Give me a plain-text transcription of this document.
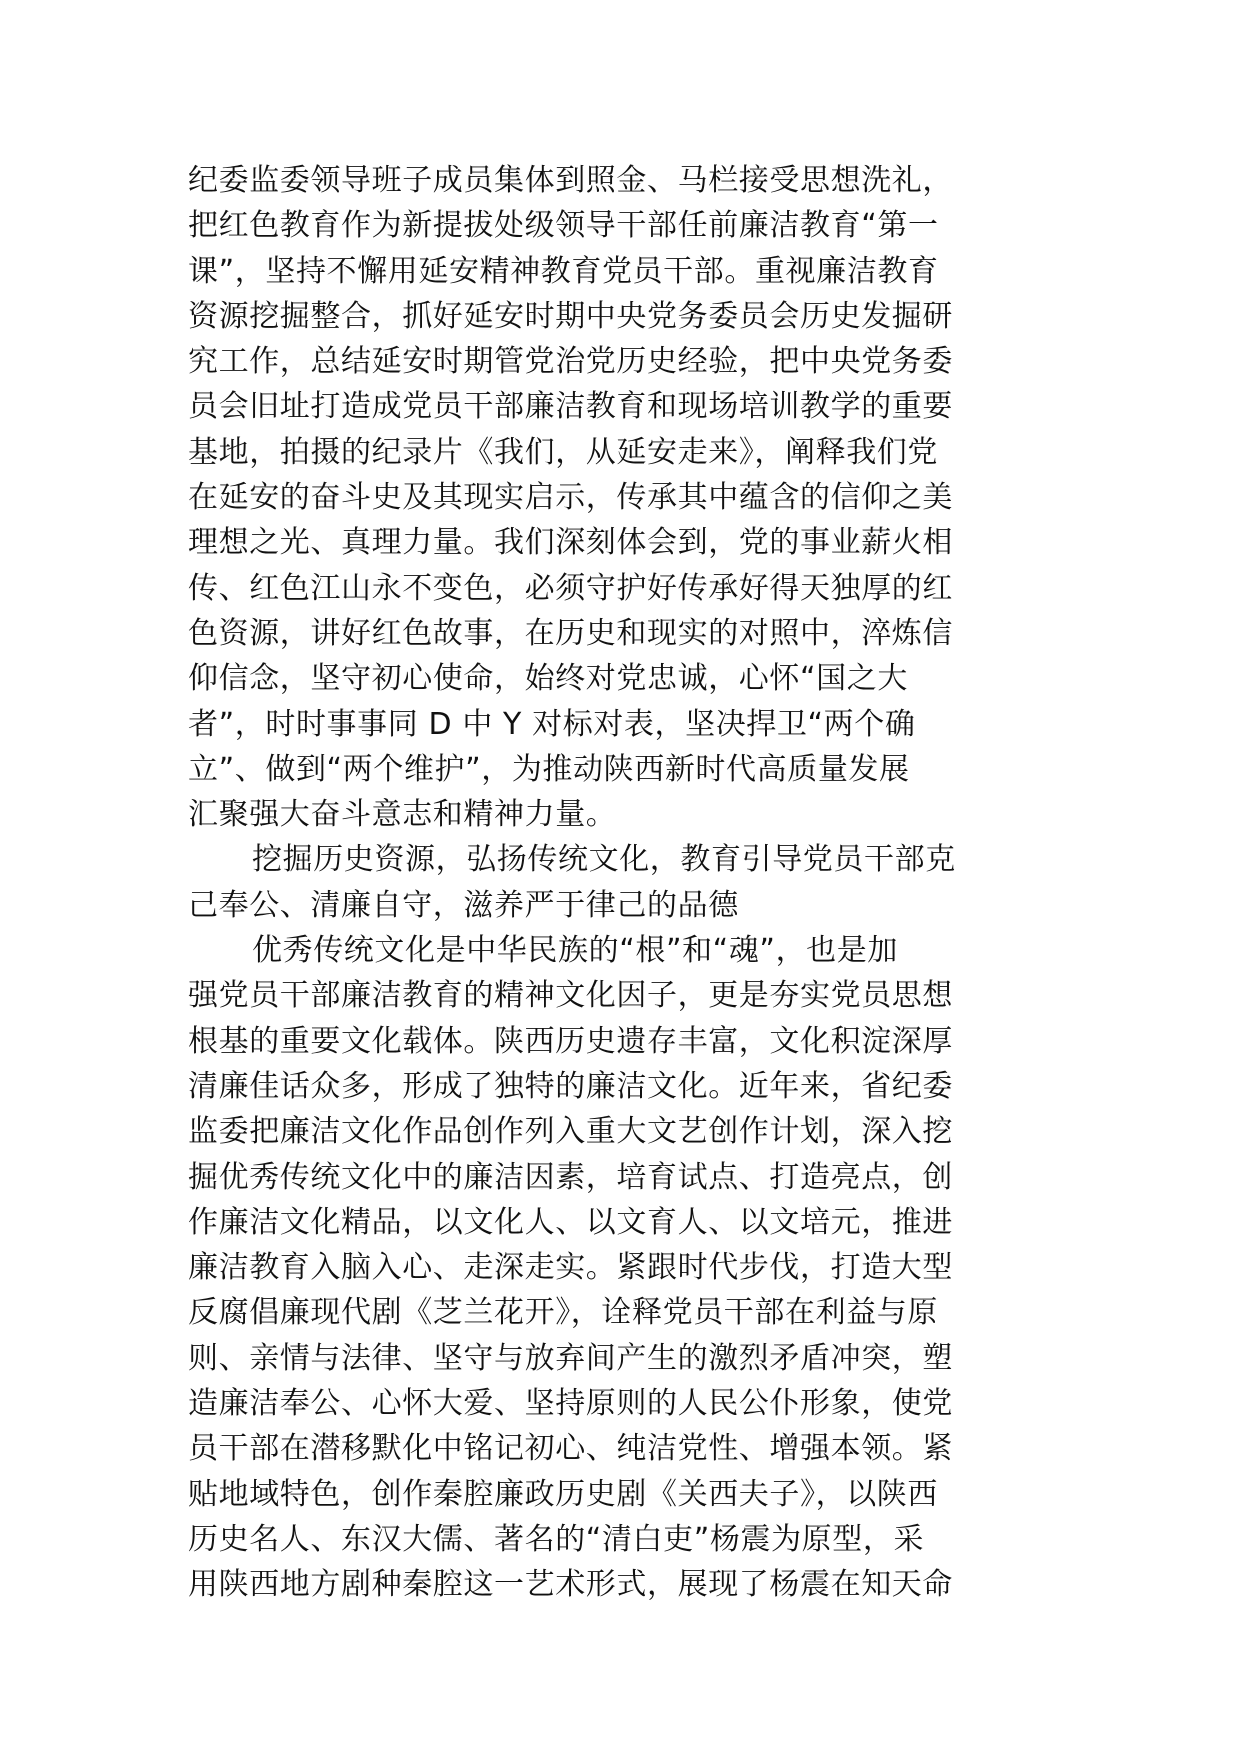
纪委监委领导班子成员集体到照金、马栏接受思想洗礼，
把红色教育作为新提拔处级领导干部任前廉洁教育“第一
课”，坚持不懈用延安精神教育党员干部。重视廉洁教育
资源挖掘整合，抓好延安时期中央党务委员会历史发掘研
究工作，总结延安时期管党治党历史经验，把中央党务委
员会旧址打造成党员干部廉洁教育和现场培训教学的重要
基地，拍摄的纪录片《我们，从延安走来》，阐释我们党
在延安的奋斗史及其现实启示，传承其中蕴含的信仰之美
理想之光、真理力量。我们深刻体会到，党的事业薪火相
传、红色江山永不变色，必须守护好传承好得天独厚的红
色资源，讲好红色故事，在历史和现实的对照中，淬炼信
仰信念，坚守初心使命，始终对党忠诚，心怀“国之大
者”，时时事事同 D 中 Y 对标对表，坚决捍卫“两个确
立”、做到“两个维护”，为推动陕西新时代高质量发展
汇聚强大奋斗意志和精神力量。
挖掘历史资源，弘扬传统文化，教育引导党员干部克
己奉公、清廉自守，滋养严于律己的品德
优秀传统文化是中华民族的“根”和“魂”，也是加
强党员干部廉洁教育的精神文化因子，更是夯实党员思想
根基的重要文化载体。陕西历史遗存丰富，文化积淀深厚
清廉佳话众多，形成了独特的廉洁文化。近年来，省纪委
监委把廉洁文化作品创作列入重大文艺创作计划，深入挖
掘优秀传统文化中的廉洁因素，培育试点、打造亮点，创
作廉洁文化精品，以文化人、以文育人、以文培元，推进
廉洁教育入脑入心、走深走实。紧跟时代步伐，打造大型
反腐倡廉现代剧《芝兰花开》，诠释党员干部在利益与原
则、亲情与法律、坚守与放弃间产生的激烈矛盾冲突，塑
造廉洁奉公、心怀大爱、坚持原则的人民公仆形象，使党
员干部在潜移默化中铭记初心、纯洁党性、增强本领。紧
贴地域特色，创作秦腔廉政历史剧《关西夫子》，以陕西
历史名人、东汉大儒、著名的“清白吏”杨震为原型，采
用陕西地方剧种秦腔这一艺术形式，展现了杨震在知天命
